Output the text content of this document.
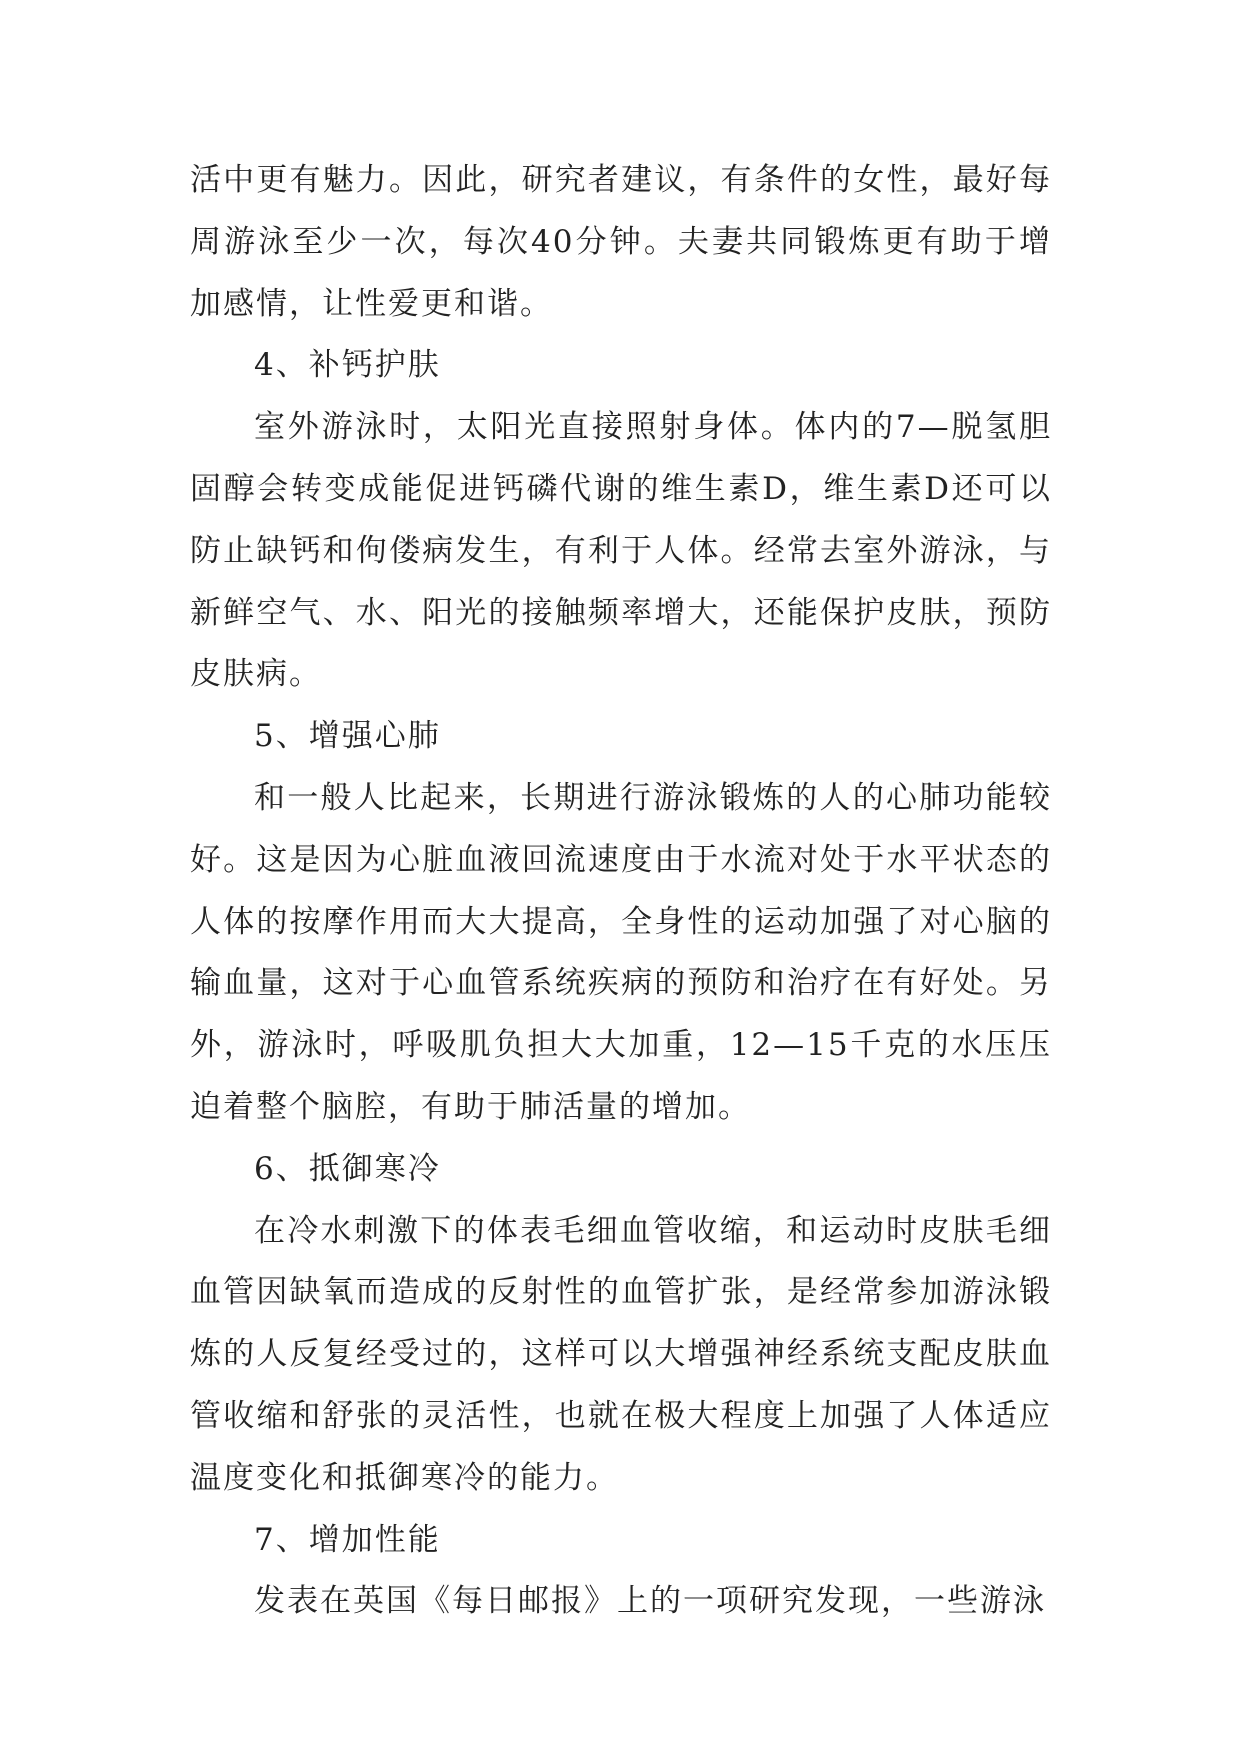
活中更有魅力。因此，研究者建议，有条件的女性，最好每周游泳至少一次，每次40分钟。夫妻共同锻炼更有助于增加感情，让性爱更和谐。

4、补钙护肤

室外游泳时，太阳光直接照射身体。体内的7—脱氢胆固醇会转变成能促进钙磷代谢的维生素D，维生素D还可以防止缺钙和佝偻病发生，有利于人体。经常去室外游泳，与新鲜空气、水、阳光的接触频率增大，还能保护皮肤，预防皮肤病。

5、增强心肺

和一般人比起来，长期进行游泳锻炼的人的心肺功能较好。这是因为心脏血液回流速度由于水流对处于水平状态的人体的按摩作用而大大提高，全身性的运动加强了对心脑的输血量，这对于心血管系统疾病的预防和治疗在有好处。另外，游泳时，呼吸肌负担大大加重，12—15千克的水压压迫着整个脑腔，有助于肺活量的增加。

6、抵御寒冷

在冷水刺激下的体表毛细血管收缩，和运动时皮肤毛细血管因缺氧而造成的反射性的血管扩张，是经常参加游泳锻炼的人反复经受过的，这样可以大增强神经系统支配皮肤血管收缩和舒张的灵活性，也就在极大程度上加强了人体适应温度变化和抵御寒冷的能力。

7、增加性能

发表在英国《每日邮报》上的一项研究发现，一些游泳
